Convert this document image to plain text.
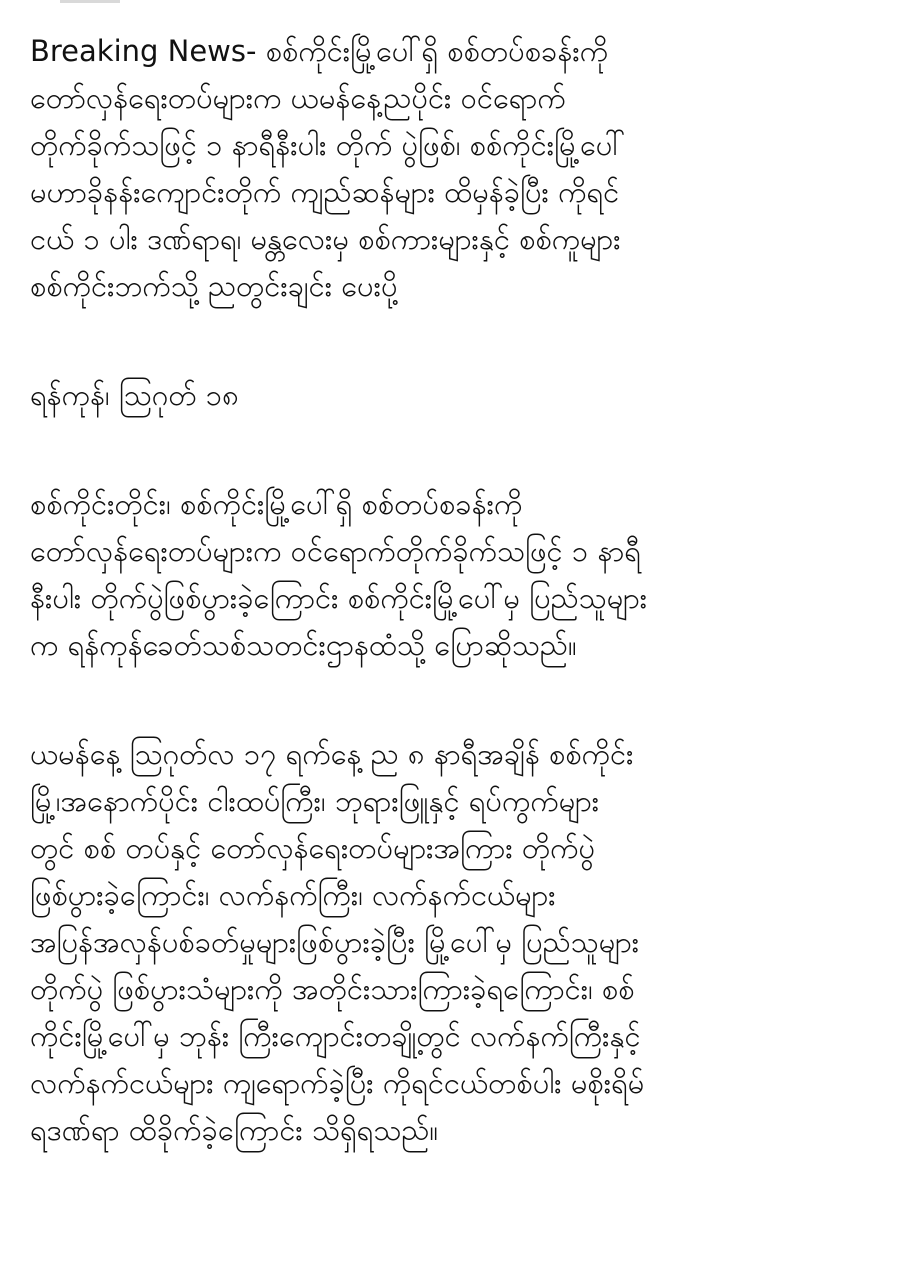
Breaking News- စစ်ကိုင်းမြို့ပေါ်ရှိ စစ်တပ်စခန်းကို
တော်လှန်ရေးတပ်များက ယမန်နေ့ညပိုင်း ဝင်ရောက်
တိုက်ခိုက်သဖြင့် ၁ နာရီနီးပါး တိုက် ပွဲဖြစ်၊ စစ်ကိုင်းမြို့ပေါ်
မဟာခိုနန်းကျောင်းတိုက် ကျည်ဆန်များ ထိမှန်ခဲ့ပြီး ကိုရင်
ငယ် ၁ ပါး ဒဏ်ရာရ၊ မန္တလေးမှ စစ်ကားများနှင့် စစ်ကူများ
စစ်ကိုင်းဘက်သို့ ညတွင်းချင်း ပေးပို့
ရန်ကုန်၊ ဩဂုတ် ၁၈
စစ်ကိုင်းတိုင်း၊ စစ်ကိုင်းမြို့ပေါ်ရှိ စစ်တပ်စခန်းကို
တော်လှန်ရေးတပ်များက ဝင်ရောက်တိုက်ခိုက်သဖြင့် ၁ နာရီ
နီးပါး တိုက်ပွဲဖြစ်ပွားခဲ့ကြောင်း စစ်ကိုင်းမြို့ပေါ်မှ ပြည်သူများ
က ရန်ကုန်ခေတ်သစ်သတင်းဌာနထံသို့ ပြောဆိုသည်။
ယမန်နေ့ ဩဂုတ်လ ၁၇ ရက်နေ့ ည ၈ နာရီအချိန် စစ်ကိုင်း
မြို့၊အနောက်ပိုင်း ငါးထပ်ကြီး၊ ဘုရားဖြူနှင့် ရပ်ကွက်များ
တွင် စစ် တပ်နှင့် တော်လှန်ရေးတပ်များအကြား တိုက်ပွဲ
ဖြစ်ပွားခဲ့ကြောင်း၊ လက်နက်ကြီး၊ လက်နက်ငယ်များ
အပြန်အလှန်ပစ်ခတ်မှုများဖြစ်ပွားခဲ့ပြီး မြို့ပေါ်မှ ပြည်သူများ
တိုက်ပွဲ ဖြစ်ပွားသံများကို အတိုင်းသားကြားခဲ့ရကြောင်း၊ စစ်
ကိုင်းမြို့ပေါ်မှ ဘုန်း ကြီးကျောင်းတချို့တွင် လက်နက်ကြီးနှင့်
လက်နက်ငယ်များ ကျရောက်ခဲ့ပြီး ကိုရင်ငယ်တစ်ပါး မစိုးရိမ်
ရဒဏ်ရာ ထိခိုက်ခဲ့ကြောင်း သိရှိရသည်။
